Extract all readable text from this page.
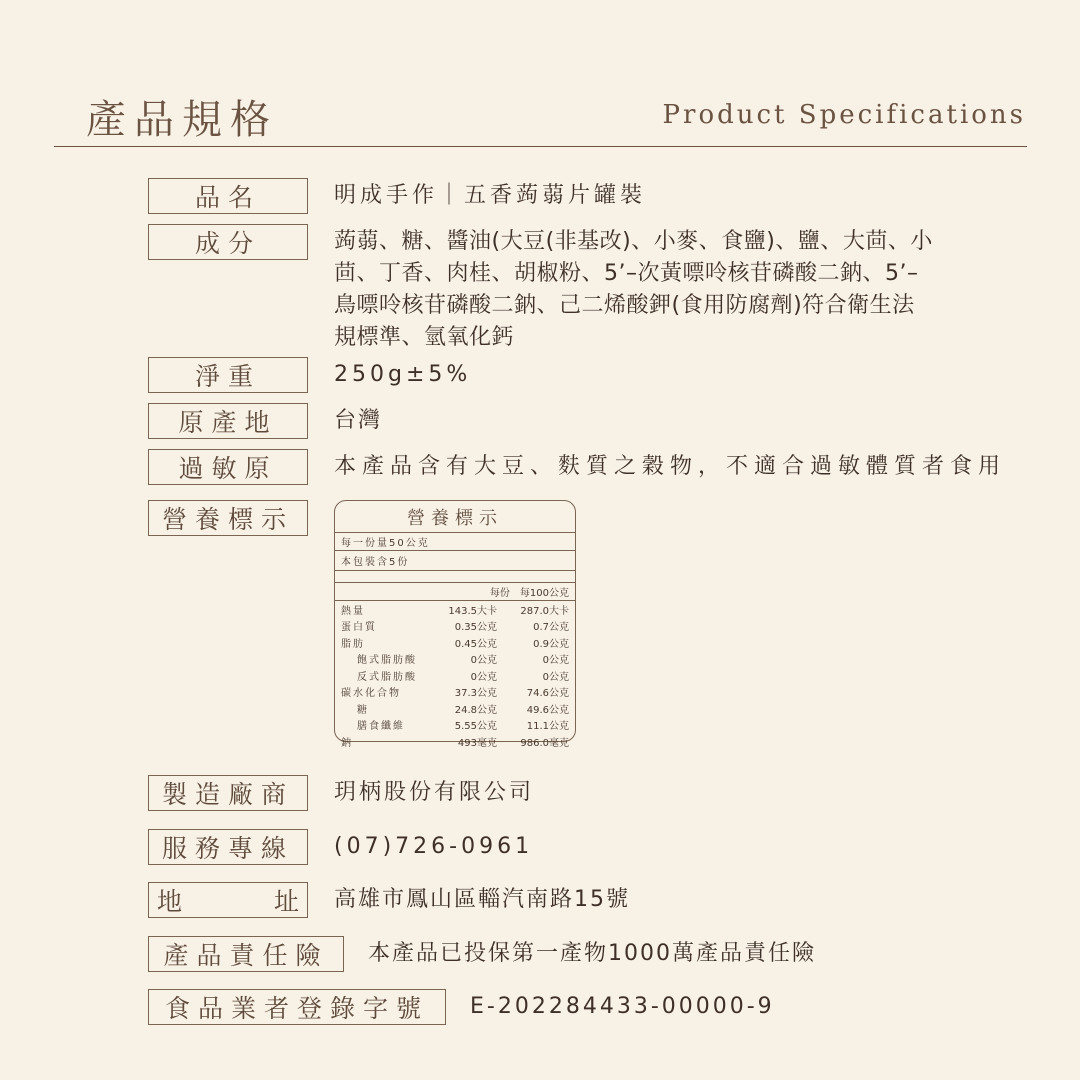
產品規格	Product Specifications
品名	明成手作｜五香蒟蒻片罐裝
成分	蒟蒻、糖、醬油(大豆(非基改)、小麥、食鹽)、鹽、大茴、小茴、丁香、肉桂、胡椒粉、5’–次黃嘌呤核苷磷酸二鈉、5’–鳥嘌呤核苷磷酸二鈉、己二烯酸鉀(食用防腐劑)符合衛生法規標準、氫氧化鈣
淨重	250g±5%
原產地	台灣
過敏原	本產品含有大豆、麩質之穀物，不適合過敏體質者食用
營養標示	營養標示
每一份量50公克
本包裝含5份
每份 每100公克
熱量	143.5大卡	287.0大卡
蛋白質	0.35公克	0.7公克
脂肪	0.45公克	0.9公克
飽式脂肪酸	0公克	0公克
反式脂肪酸	0公克	0公克
碳水化合物	37.3公克	74.6公克
糖	24.8公克	49.6公克
膳食纖維	5.55公克	11.1公克
鈉	493毫克	986.0毫克
製造廠商	玥柄股份有限公司
服務專線	(07)726-0961
地	址 高雄市鳳山區輜汽南路15號
產品責任險	本產品已投保第一產物1000萬產品責任險
食品業者登錄字號	E-202284433-00000-9
